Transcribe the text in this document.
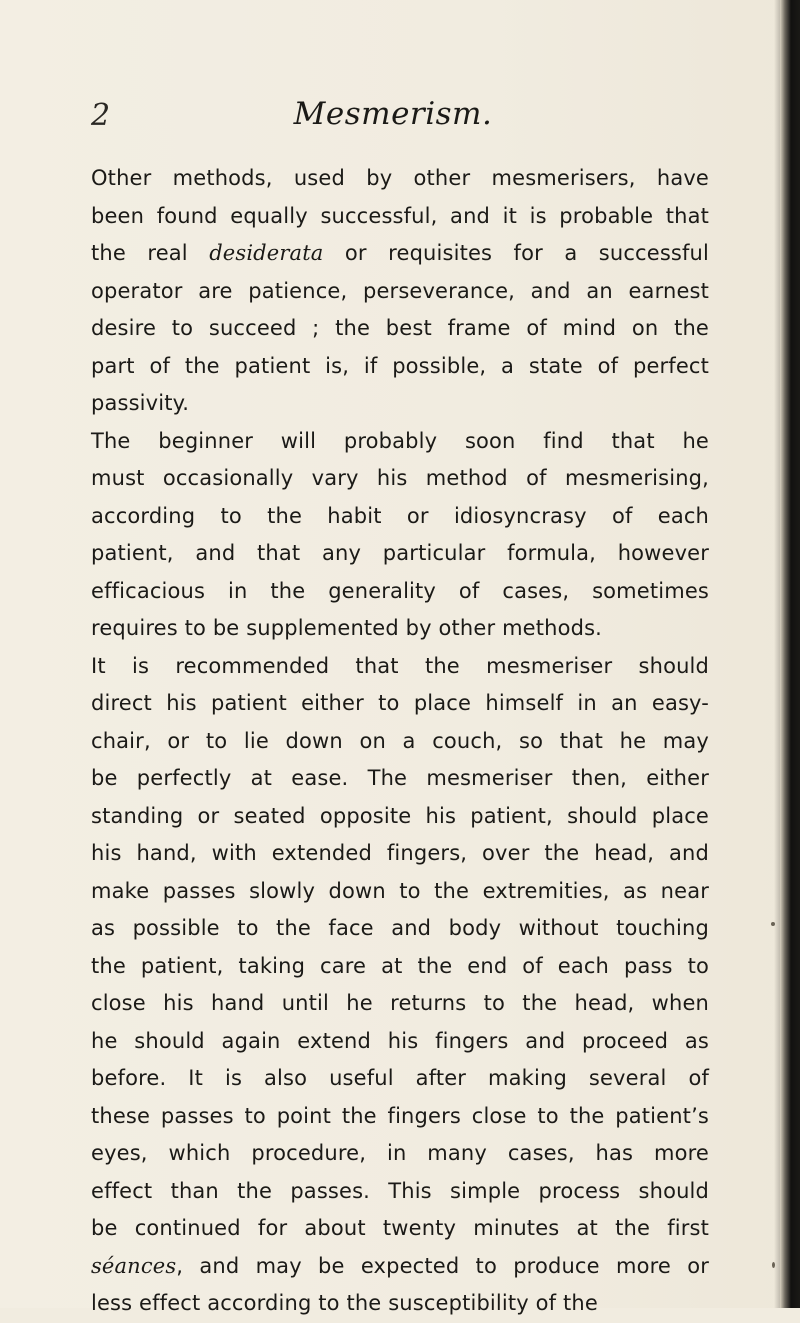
2	Mesmerism.
Other methods, used by other mesmerisers, have
been found equally successful, and it is probable that
the real desiderata or requisites for a successful
operator are patience, perseverance, and an earnest
desire to succeed ; the best frame of mind on the
part of the patient is, if possible, a state of perfect
passivity.
The beginner will probably soon find that he
must occasionally vary his method of mesmerising,
according to the habit or idiosyncrasy of each
patient, and that any particular formula, however
efficacious in the generality of cases, sometimes
requires to be supplemented by other methods.
It is recommended that the mesmeriser should
direct his patient either to place himself in an easy-
chair, or to lie down on a couch, so that he may
be perfectly at ease. The mesmeriser then, either
standing or seated opposite his patient, should place
his hand, with extended fingers, over the head, and
make passes slowly down to the extremities, as near
as possible to the face and body without touching
the patient, taking care at the end of each pass to
close his hand until he returns to the head, when
he should again extend his fingers and proceed as
before. It is also useful after making several of
these passes to point the fingers close to the patient’s
eyes, which procedure, in many cases, has more
effect than the passes. This simple process should
be continued for about twenty minutes at the first
séances, and may be expected to produce more or
less effect according to the susceptibility of the
